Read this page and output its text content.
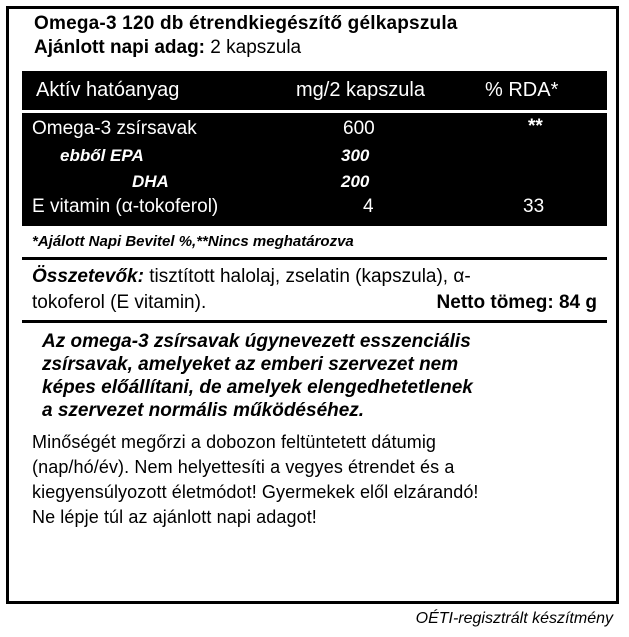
Omega-3 120 db étrendkiegészítő gélkapszula
Ajánlott napi adag: 2 kapszula
Aktív hatóanyag	mg/2 kapszula	% RDA*
Omega-3 zsírsavak	600	**
ebből EPA	300
DHA	200
E vitamin (α-tokoferol)	4	33
*Ajálott Napi Bevitel %,**Nincs meghatározva
Összetevők: tisztított halolaj, zselatin (kapszula), α-
tokoferol (E vitamin).	Netto tömeg: 84 g
Az omega-3 zsírsavak úgynevezett esszenciális
zsírsavak, amelyeket az emberi szervezet nem
képes előállítani, de amelyek elengedhetetlenek
a szervezet normális működéséhez.
Minőségét megőrzi a dobozon feltüntetett dátumig
(nap/hó/év). Nem helyettesíti a vegyes étrendet és a
kiegyensúlyozott életmódot! Gyermekek elől elzárandó!
Ne lépje túl az ajánlott napi adagot!
OÉTI-regisztrált készítmény
